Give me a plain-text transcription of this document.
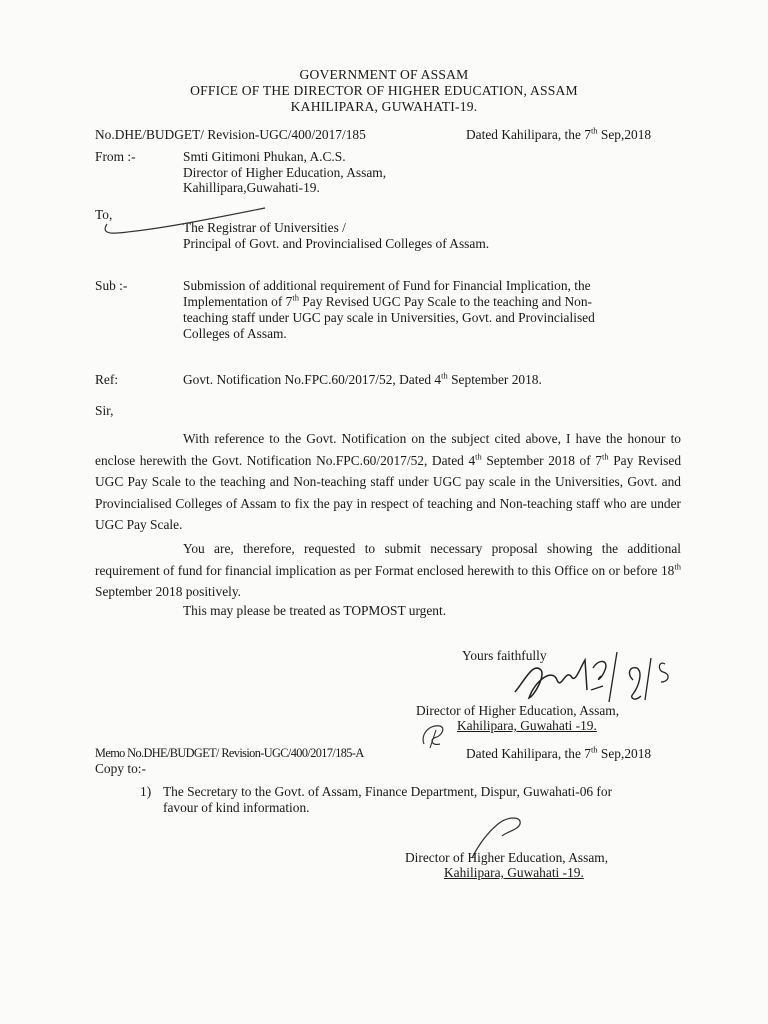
GOVERNMENT OF ASSAM
OFFICE OF THE DIRECTOR OF HIGHER EDUCATION, ASSAM
KAHILIPARA, GUWAHATI-19.
No.DHE/BUDGET/ Revision-UGC/400/2017/185	Dated Kahilipara, the 7th Sep,2018
From :-	Smti Gitimoni Phukan, A.C.S.
Director of Higher Education, Assam,
Kahillipara,Guwahati-19.
To,
The Registrar of Universities /
Principal of Govt. and Provincialised Colleges of Assam.
Sub :-	Submission of additional requirement of Fund for Financial Implication, the
Implementation of 7th Pay Revised UGC Pay Scale to the teaching and Non-
teaching staff under UGC pay scale in Universities, Govt. and Provincialised
Colleges of Assam.
Ref:	Govt. Notification No.FPC.60/2017/52, Dated 4th September 2018.
Sir,

With reference to the Govt. Notification on the subject cited above, I have the honour to enclose herewith the Govt. Notification No.FPC.60/2017/52, Dated 4th September 2018 of 7th Pay Revised UGC Pay Scale to the teaching and Non-teaching staff under UGC pay scale in the Universities, Govt. and Provincialised Colleges of Assam to fix the pay in respect of teaching and Non-teaching staff who are under UGC Pay Scale.

You are, therefore, requested to submit necessary proposal showing the additional requirement of fund for financial implication as per Format enclosed herewith to this Office on or before 18th September 2018 positively.

This may please be treated as TOPMOST urgent.
Yours faithfully
Director of Higher Education, Assam,
Kahilipara, Guwahati -19.
Memo No.DHE/BUDGET/ Revision-UGC/400/2017/185-A	Dated Kahilipara, the 7th Sep,2018
Copy to:-
1) The Secretary to the Govt. of Assam, Finance Department, Dispur, Guwahati-06 for
favour of kind information.
Director of Higher Education, Assam,
Kahilipara, Guwahati -19.
